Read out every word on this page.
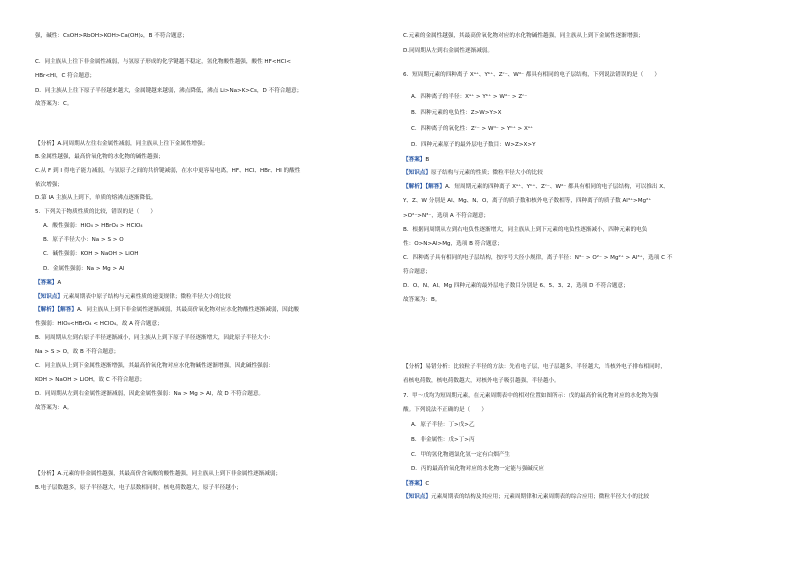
强，碱性：CsOH>RbOH>KOH>Ca(OH)₂，B 不符合题意；
C．同主族从上往下非金属性减弱，与氢原子形成的化学键越不稳定，氢化物酸性越强，酸性 HF<HCl<
HBr<HI，C 符合题意；
D．同主族从上往下原子半径越来越大，金属键越来越弱，沸点降低，沸点 Li>Na>K>Cs，D 不符合题意；
故答案为：C。
【分析】A.同周期从左往右金属性减弱，同主族从上往下金属性增强；
B.金属性越强，最高价氧化物的水化物的碱性越强；
C.从 F 到 I 得电子能力减弱，与氢原子之间的共价键减弱，在水中更容易电离，HF、HCl、HBr、HI 的酸性
依次增强；
D.第 IA 主族从上到下，单质的熔沸点逐渐降低。
5．下列关于物质性质的比较，错误的是（　　）
A．酸性强弱：HIO₄ > HBrO₄ > HClO₄
B．原子半径大小：Na > S > O
C．碱性强弱：KOH > NaOH > LiOH
D．金属性强弱：Na > Mg > Al
【答案】A
【知识点】元素周期表中原子结构与元素性质的递变规律；微粒半径大小的比较
【解析】【解答】A．同主族从上到下非金属性逐渐减弱，其最高价氧化物对应水化物酸性逐渐减弱，因此酸
性强弱：HIO₄<HBrO₄ < HClO₄，故 A 符合题意；
B．同周期从左到右原子半径逐渐减小，同主族从上到下原子半径逐渐增大，因此原子半径大小：
Na > S > O，故 B 不符合题意；
C．同主族从上到下金属性逐渐增强，其最高价氧化物对应水化物碱性逐渐增强，因此碱性强弱：
KOH > NaOH > LiOH，故 C 不符合题意；
D．同周期从左到右金属性逐渐减弱，因此金属性强弱：Na > Mg > Al，故 D 不符合题意。
故答案为：A。
【分析】A.元素的非金属性越强，其最高价含氧酸的酸性越强，同主族从上到下非金属性逐渐减弱；
B.电子层数越多，原子半径越大，电子层数相同时，核电荷数越大，原子半径越小；
C.元素的金属性越强，其最高价氧化物对应的水化物碱性越强，同主族从上到下金属性逐渐增强；
D.同周期从左到右金属性逐渐减弱。
6．短周期元素的四种离子 Xᵃ⁺、Yᵇ⁺、Zᶜ⁻、Wᵈ⁻ 都具有相同的电子层结构，下列说法错误的是（　　）
A．四种离子的半径：Xᵃ⁺ > Yᵇ⁺ > Wᵈ⁻ > Zᶜ⁻
B．四种元素的电负性：Z>W>Y>X
C．四种离子的氧化性：Zᶜ⁻ > Wᵈ⁻ > Yᵇ⁺ > Xᵃ⁺
D．四种元素原子的最外层电子数目：W>Z>X>Y
【答案】B
【知识点】原子结构与元素的性质；微粒半径大小的比较
【解析】【解答】A．短周期元素的四种离子 Xᵃ⁺、Yᵇ⁺、Zᶜ⁻、Wᵈ⁻ 都具有相同的电子层结构，可以推出 X、
Y、Z、W 分别是 Al、Mg、N、O，离子的质子数和核外电子数相等，四种离子的质子数 Al³⁺>Mg²⁺
>O²⁻>N³⁻，选项 A 不符合题意；
B．根据同周期从左到右电负性逐渐增大，同主族从上到下元素的电负性逐渐减小，四种元素的电负
性：O>N>Al>Mg，选项 B 符合题意；
C．四种离子具有相同的电子层结构，按序号大径小规律，离子半径：N³⁻ > O²⁻ > Mg²⁺ > Al³⁺，选项 C 不
符合题意；
D．O、N、Al、Mg 四种元素的最外层电子数目分别是 6、5、3、2，选项 D 不符合题意；
故答案为：B。
【分析】易错分析：比较粒子半径的方法：先看电子层，电子层越多，半径越大，当核外电子排布相同时，
看核电荷数，核电荷数越大，对核外电子吸引越强，半径越小。
7．甲～戊均为短周期元素，在元素周期表中的相对位置如图所示：戊的最高价氧化物对应的水化物为强
酸。下列说法不正确的是（　　）
A．原子半径：丁>戊>乙
B．非金属性：戊>丁>丙
C．甲的氢化物遇氯化氢一定有白烟产生
D．丙的最高价氧化物对应的水化物一定能与强碱反应
【答案】C
【知识点】元素周期表的结构及其应用；元素周期律和元素周期表的综合应用；微粒半径大小的比较
